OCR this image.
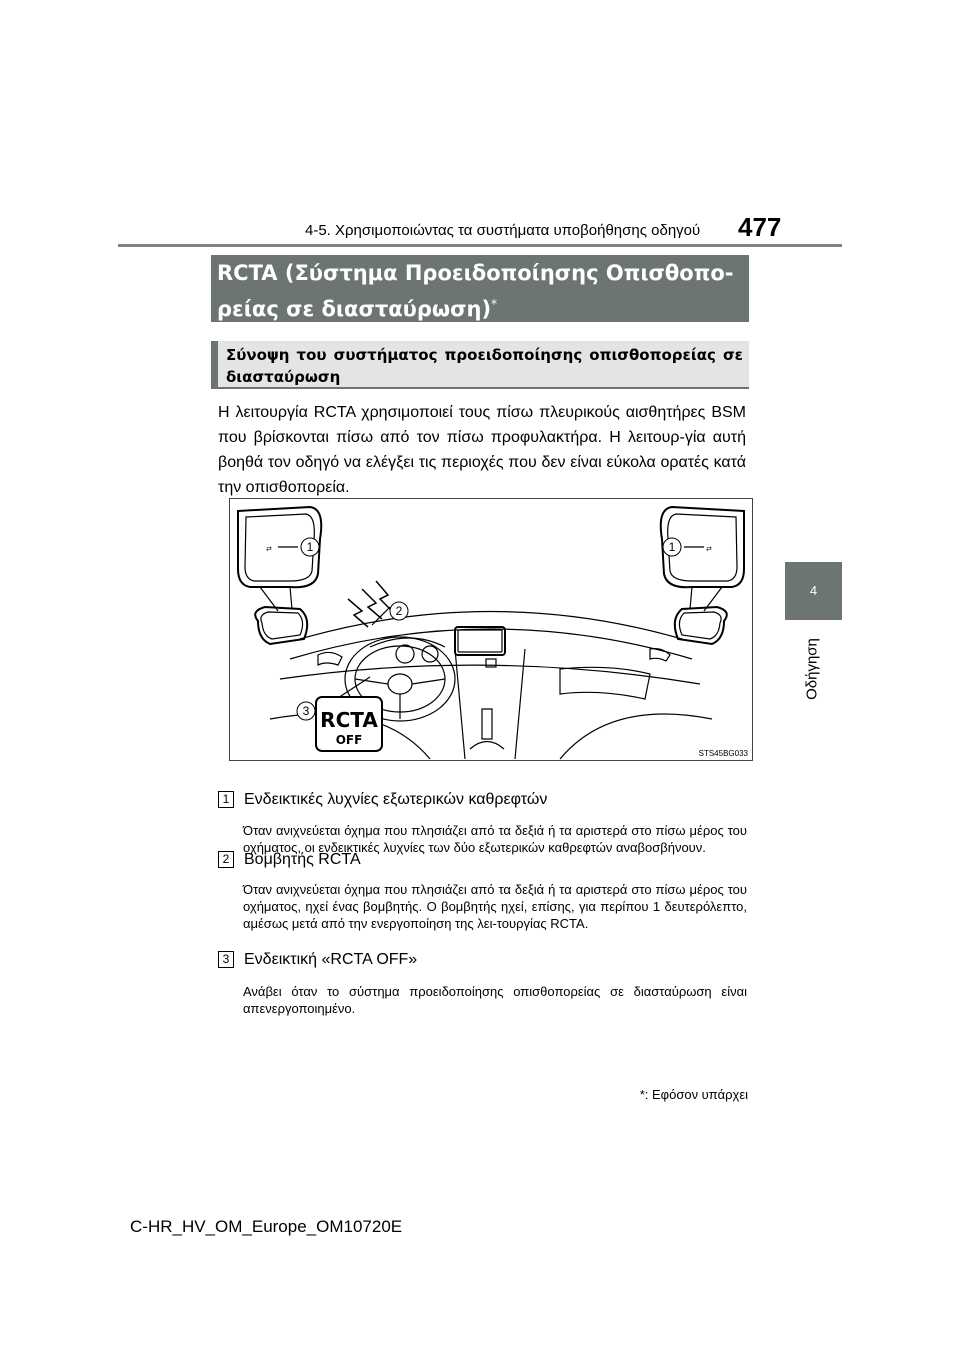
4-5. Χρησιμοποιώντας τα συστήματα υποβοήθησης οδηγού 477
4
Οδήγηση
RCTA (Σύστημα Προειδοποίησης Οπισθοπο-
ρείας σε διασταύρωση)*
Σύνοψη του συστήματος προειδοποίησης οπισθοπορείας σε διασταύρωση
Η λειτουργία RCTA χρησιμοποιεί τους πίσω πλευρικούς αισθητήρες BSM που βρίσκονται πίσω από τον πίσω προφυλακτήρα. Η λειτουρ-γία αυτή βοηθά τον οδηγό να ελέγξει τις περιοχές που δεν είναι εύκολα ορατές κατά την οπισθοπορεία.
⇄	⇄
1	1
2
3 RCTA
OFF
STS45BG033
1 Ενδεικτικές λυχνίες εξωτερικών καθρεφτών
Όταν ανιχνεύεται όχημα που πλησιάζει από τα δεξιά ή τα αριστερά στο πίσω μέρος του οχήματος, οι ενδεικτικές λυχνίες των δύο εξωτερικών καθρεφτών αναβοσβήνουν.
2 Βομβητής RCTA
Όταν ανιχνεύεται όχημα που πλησιάζει από τα δεξιά ή τα αριστερά στο πίσω μέρος του οχήματος, ηχεί ένας βομβητής. Ο βομβητής ηχεί, επίσης, για περίπου 1 δευτερόλεπτο, αμέσως μετά από την ενεργοποίηση της λει-τουργίας RCTA.
3 Ενδεικτική «RCTA OFF»
Ανάβει όταν το σύστημα προειδοποίησης οπισθοπορείας σε διασταύρωση είναι απενεργοποιημένο.
*: Εφόσον υπάρχει
C-HR_HV_OM_Europe_OM10720E
